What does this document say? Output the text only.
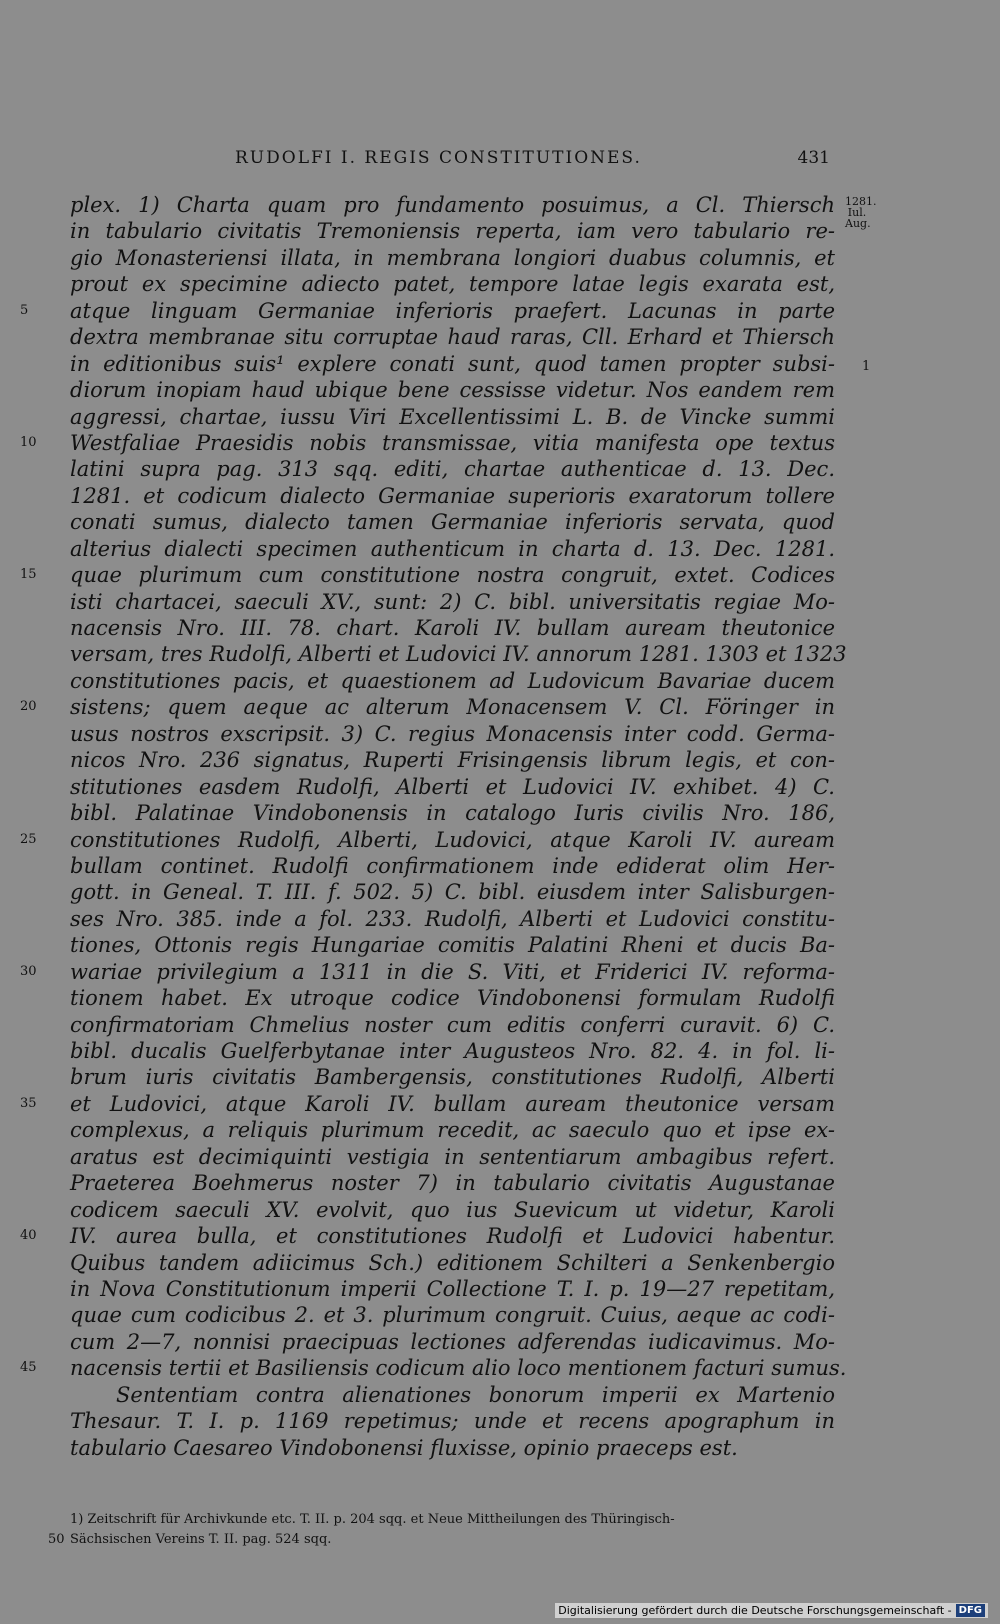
RUDOLFI I. REGIS CONSTITUTIONES.	431
1281.
Iul.
Aug.
1
plex. 1) Charta quam pro fundamento posuimus, a Cl. Thiersch
in tabulario civitatis Tremoniensis reperta, iam vero tabulario re-
gio Monasteriensi illata, in membrana longiori duabus columnis, et
prout ex specimine adiecto patet, tempore latae legis exarata est,
5	atque linguam Germaniae inferioris praefert. Lacunas in parte
dextra membranae situ corruptae haud raras, Cll. Erhard et Thiersch
in editionibus suis¹ explere conati sunt, quod tamen propter subsi-
diorum inopiam haud ubique bene cessisse videtur. Nos eandem rem
aggressi, chartae, iussu Viri Excellentissimi L. B. de Vincke summi
10	Westfaliae Praesidis nobis transmissae, vitia manifesta ope textus
latini supra pag. 313 sqq. editi, chartae authenticae d. 13. Dec.
1281. et codicum dialecto Germaniae superioris exaratorum tollere
conati sumus, dialecto tamen Germaniae inferioris servata, quod
alterius dialecti specimen authenticum in charta d. 13. Dec. 1281.
15	quae plurimum cum constitutione nostra congruit, extet. Codices
isti chartacei, saeculi XV., sunt: 2) C. bibl. universitatis regiae Mo-
nacensis Nro. III. 78. chart. Karoli IV. bullam auream theutonice
versam, tres Rudolfi, Alberti et Ludovici IV. annorum 1281. 1303 et 1323
constitutiones pacis, et quaestionem ad Ludovicum Bavariae ducem
20	sistens; quem aeque ac alterum Monacensem V. Cl. Föringer in
usus nostros exscripsit. 3) C. regius Monacensis inter codd. Germa-
nicos Nro. 236 signatus, Ruperti Frisingensis librum legis, et con-
stitutiones easdem Rudolfi, Alberti et Ludovici IV. exhibet. 4) C.
bibl. Palatinae Vindobonensis in catalogo Iuris civilis Nro. 186,
25	constitutiones Rudolfi, Alberti, Ludovici, atque Karoli IV. auream
bullam continet. Rudolfi confirmationem inde ediderat olim Her-
gott. in Geneal. T. III. f. 502. 5) C. bibl. eiusdem inter Salisburgen-
ses Nro. 385. inde a fol. 233. Rudolfi, Alberti et Ludovici constitu-
tiones, Ottonis regis Hungariae comitis Palatini Rheni et ducis Ba-
30	wariae privilegium a 1311 in die S. Viti, et Friderici IV. reforma-
tionem habet. Ex utroque codice Vindobonensi formulam Rudolfi
confirmatoriam Chmelius noster cum editis conferri curavit. 6) C.
bibl. ducalis Guelferbytanae inter Augusteos Nro. 82. 4. in fol. li-
brum iuris civitatis Bambergensis, constitutiones Rudolfi, Alberti
35	et Ludovici, atque Karoli IV. bullam auream theutonice versam
complexus, a reliquis plurimum recedit, ac saeculo quo et ipse ex-
aratus est decimiquinti vestigia in sententiarum ambagibus refert.
Praeterea Boehmerus noster 7) in tabulario civitatis Augustanae
codicem saeculi XV. evolvit, quo ius Suevicum ut videtur, Karoli
40	IV. aurea bulla, et constitutiones Rudolfi et Ludovici habentur.
Quibus tandem adiicimus Sch.) editionem Schilteri a Senkenbergio
in Nova Constitutionum imperii Collectione T. I. p. 19—27 repetitam,
quae cum codicibus 2. et 3. plurimum congruit. Cuius, aeque ac codi-
cum 2—7, nonnisi praecipuas lectiones adferendas iudicavimus. Mo-
45	nacensis tertii et Basiliensis codicum alio loco mentionem facturi sumus.
Sententiam contra alienationes bonorum imperii ex Martenio
Thesaur. T. I. p. 1169 repetimus; unde et recens apographum in
tabulario Caesareo Vindobonensi fluxisse, opinio praeceps est.
1) Zeitschrift für Archivkunde etc. T. II. p. 204 sqq. et Neue Mittheilungen des Thüringisch-
50 Sächsischen Vereins T. II. pag. 524 sqq.
Digitalisierung gefördert durch die Deutsche Forschungsgemeinschaft - DFG
